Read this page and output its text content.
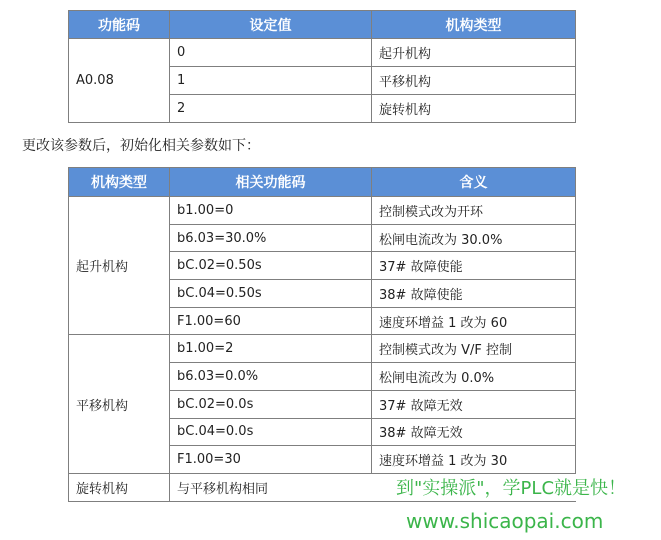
功能码	设定值	机构类型
A0.08	0	起升机构
	1	平移机构
	2	旋转机构
更改该参数后，初始化相关参数如下：
机构类型	相关功能码	含义
起升机构	b1.00=0	控制模式改为开环
	b6.03=30.0%	松闸电流改为 30.0%
	bC.02=0.50s	37# 故障使能
	bC.04=0.50s	38# 故障使能
	F1.00=60	速度环增益 1 改为 60
平移机构	b1.00=2	控制模式改为 V/F 控制
	b6.03=0.0%	松闸电流改为 0.0%
	bC.02=0.0s	37# 故障无效
	bC.04=0.0s	38# 故障无效
	F1.00=30	速度环增益 1 改为 30
旋转机构	与平移机构相同		到"实操派"，学PLC就是快！
www.shicaopai.com
